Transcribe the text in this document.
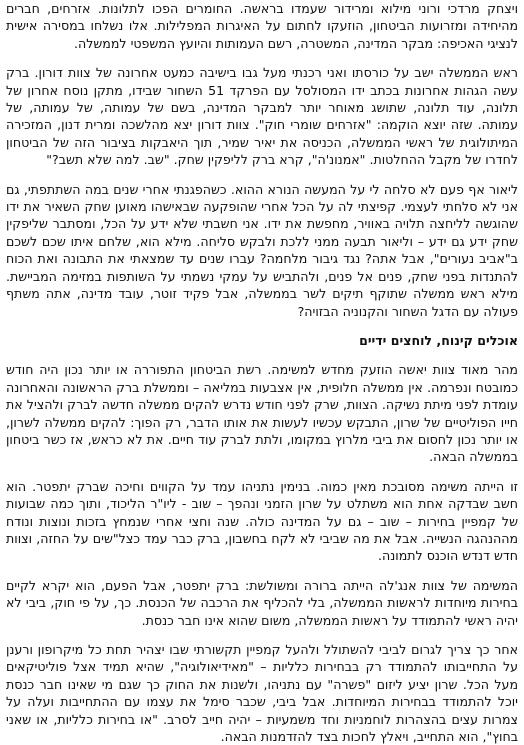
ויצחק מרדכי ורוני מילוא ומרידור שעמדו בראשה. החומרים הפכו לתלונות. אזרחים, חברים מהיחידה ומזרועות הביטחון, הוזעקו לחתום על האיגרות המפלילות. אלו נשלחו במסירה אישית לנציגי האכיפה: מבקר המדינה, המשטרה, רשם העמותות והיועץ המשפטי לממשלה.

ראש הממשלה ישב על כורסתו ואני רכנתי מעל גבו בישיבה כמעט אחרונה של צוות דורון. ברק עשה הגהות אחרונות בכתב ידו המסולסל עם הפרקד 51 השחור שבידו, מתקן נוסח אחרון של תלונה, עוד תלונה, שתושג מאוחר יותר למבקר המדינה, בשם של עמותה, של עמותה, של עמותה. שזה יוצא הוקמה: "אזרחים שומרי חוק". צוות דורון יצא מהלשכה ומרית דנון, המזכירה המיתולוגית של ראשי הממשלה, הכניסה את יאיר שמיר, תוך היאבקות בציבור הזה של הביטחון לחדרו של מקבל ההחלטות. "אמנונ'ה", קרא ברק לליפקין שחק. "שב. למה שלא תשב?"

ליאור אף פעם לא סלחה לי על המעשה הנורא ההוא. כשהפגנתי אחרי שנים במה השתתפתי, גם אני לא סלחתי לעצמי. קפיצתי לה על הכל אחרי שהופקעה שבאישהו מאוען שחק השאיר את ידו שהוגשה לליחצה תלויה באוויר, מחפשת את ידו. אני חשבתי שלא ידע על הכל, ומסתבר שליפקין שחק ידע גם ידע – וליאור תבעה ממני ללכת ולבקש סליחה. מילא הוא, שלחם איתו שכם לשכם ב"אביב נעורים", אבל אתה? נגד גיבור מלחמה? עברו שנים עד שמצאתי את התבונה ואת הכוח להתנדות בפני שחק, פנים אל פנים, ולהתביש על עמקי נשמתי על השותפות במזימה המביישת. מילא ראש ממשלה שתוקף תיקים לשר בממשלה, אבל פקיד זוטר, עובד מדינה, אתה משתף פעולה עם הדגל השחור והקנוניה הבזויה?

אוכלים קינוח, לוחצים ידיים

מהר מאוד צוות יאשה הוזעק מחדש למשימה. רשת הביטחון התפוררה או יותר נכון היה חודש כמובטח ונפרמה. אין ממשלה חלופית, אין אצבעות במליאה – וממשלת ברק הראשונה והאחרונה עומדת לפני מיתת נשיקה. הצוות, שרק לפני חודש נדרש להקים ממשלה חדשה לברק ולהציל את חייו הפוליטיים של שרון, התבקש עכשיו לעשות את אותו הדבר, רק הפוך: להקים ממשלה לשרון, או יותר נכון לחסום את ביבי מלרוץ במקומו, ולתת לברק עוד חיים. את לא כראש, אז כשר ביטחון בממשלה הבאה.

זו הייתה משימה מסובכת מאין כמוה. בנימין נתניהו עמד על הקווים וחיכה שברק יתפטר. הוא חשב שבדקה אחת הוא משתלט על שרון הזמני ונהפך – שוב - ליו"ר הליכוד, ותוך כמה שבועות של קמפיין בחירות – שוב – גם על המדינה כולה. שנה וחצי אחרי שנמחץ בזכות ונוצות ונודח מההנהגה הנשייה. אבל את מה שביבי לא לקח בחשבון, ברק כבר עמד כצל"שים על החזה, וצוות חדש דנדש הוכנס לתמונה.

המשימה של צוות אנג'לה הייתה ברורה ומשולשת: ברק יתפטר, אבל הפעם, הוא יקרא לקיים בחירות מיוחדות לראשות הממשלה, בלי להכליף את הרכבה של הכנסת. כך, על פי חוק, ביבי לא יהיה ראשי להתמודד על ראשות הממשלה, משום שהוא אינו חבר כנסת.

אחר כך צריך לגרום לביבי להשתולל ולהעל קמפיין תקשורתי שבו יצהיר תחת כל מיקרופון ורענן על התחייבותו להתמודד רק בבחירות כלליות – "מאידיאולוגיה", שהיא תמיד אצל פוליטיקאים מעל הכל. שרון יציע ליזום "פשרה" עם נתניהו, ולשנות את החוק כך שגם מי שאינו חבר כנסת יוכל להתמודד בבחירות המיוחדות. אבל ביבי, שכבר סימל את עצמו עם ההתחייבות ועלה על צמרות עצים בהצהרות לוחמניות וחד משמעיות – יהיה חייב לסרב. "או בחירות כלליות, או שאני בחוץ", הוא התחייב, ויאלץ לחכות בצד להזדמנות הבאה.
